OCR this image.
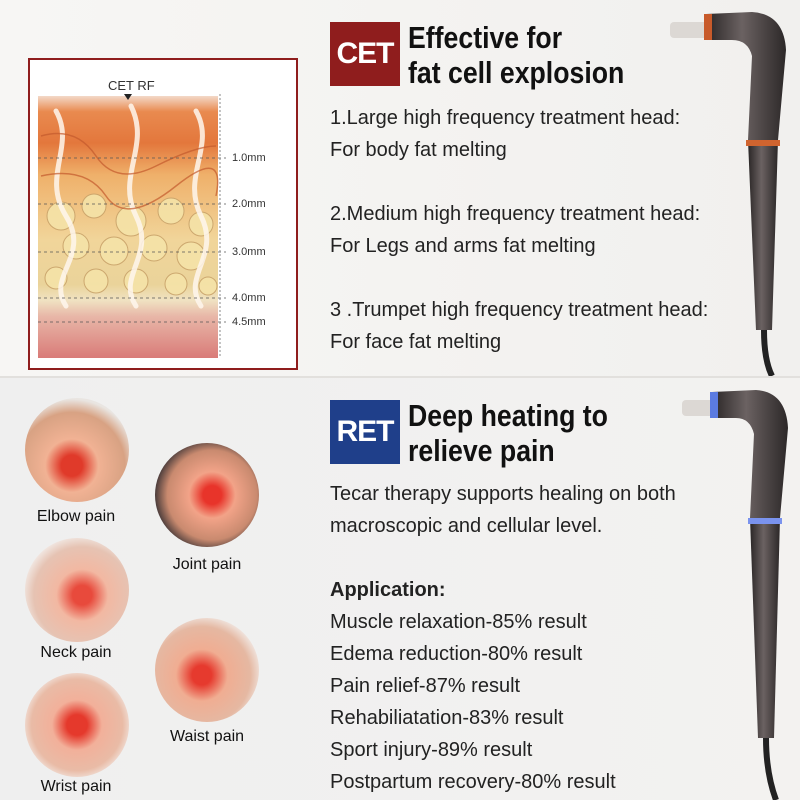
CET RF
1.0mm
2.0mm
3.0mm
4.0mm
4.5mm
CET Effective for
fat cell explosion
1.Large high frequency treatment head:
For body fat melting
2.Medium high frequency treatment head:
For Legs and arms fat melting
3 .Trumpet high frequency treatment head:
For face fat melting
Elbow pain
Joint pain
Neck pain
Waist pain
Wrist pain
RET Deep heating to
relieve pain
Tecar therapy supports healing on both
macroscopic and cellular level.
Application:
Muscle relaxation-85% result
Edema reduction-80% result
Pain relief-87% result
Rehabiliatation-83% result
Sport injury-89% result
Postpartum recovery-80% result
